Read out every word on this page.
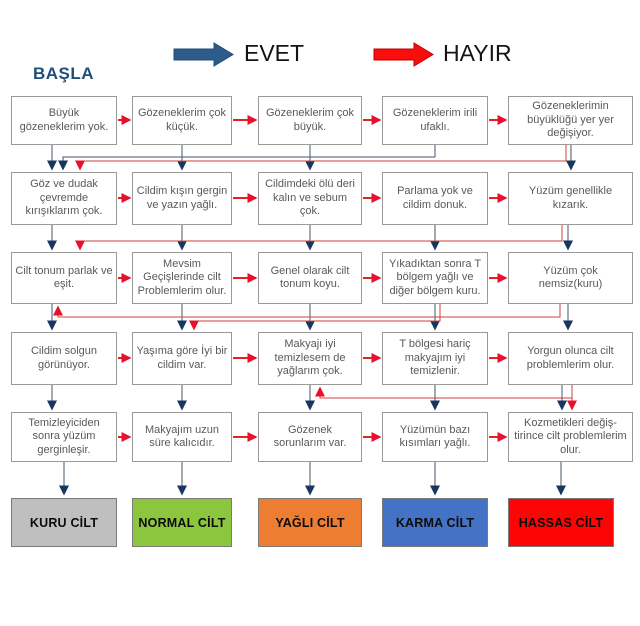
BAŞLA
EVET	HAYIR
Büyük gözeneklerim yok.
Gözeneklerim çok küçük.
Gözeneklerim çok büyük.
Gözeneklerim irili ufaklı.
Gözeneklerimin büyüklüğü yer yer değişiyor.
Göz ve dudak çevremde kırışıklarım çok.
Cildim kışın gergin ve yazın yağlı.
Cildimdeki ölü deri kalın ve sebum çok.
Parlama yok ve cildim donuk.
Yüzüm genellikle kızarık.
Cilt tonum parlak ve eşit.
Mevsim Geçişlerinde cilt Problemlerim olur.
Genel olarak cilt tonum koyu.
Yıkadıktan sonra T bölgem yağlı ve diğer bölgem kuru.
Yüzüm çok nemsiz(kuru)
Cildim solgun görünüyor.
Yaşıma göre İyi bir cildim var.
Makyajı iyi temizlesem de yağlarım çok.
T bölgesi hariç makyajım iyi temizlenir.
Yorgun olunca cilt problemlerim olur.
Temizleyiciden sonra yüzüm gerginleşir.
Makyajım uzun süre kalıcıdır.
Gözenek sorunlarım var.
Yüzümün bazı kısımları yağlı.
Kozmetikleri değiş-tirince cilt problemlerim olur.
KURU CİLT	NORMAL CİLT	YAĞLI CİLT	KARMA CİLT	HASSAS CİLT
